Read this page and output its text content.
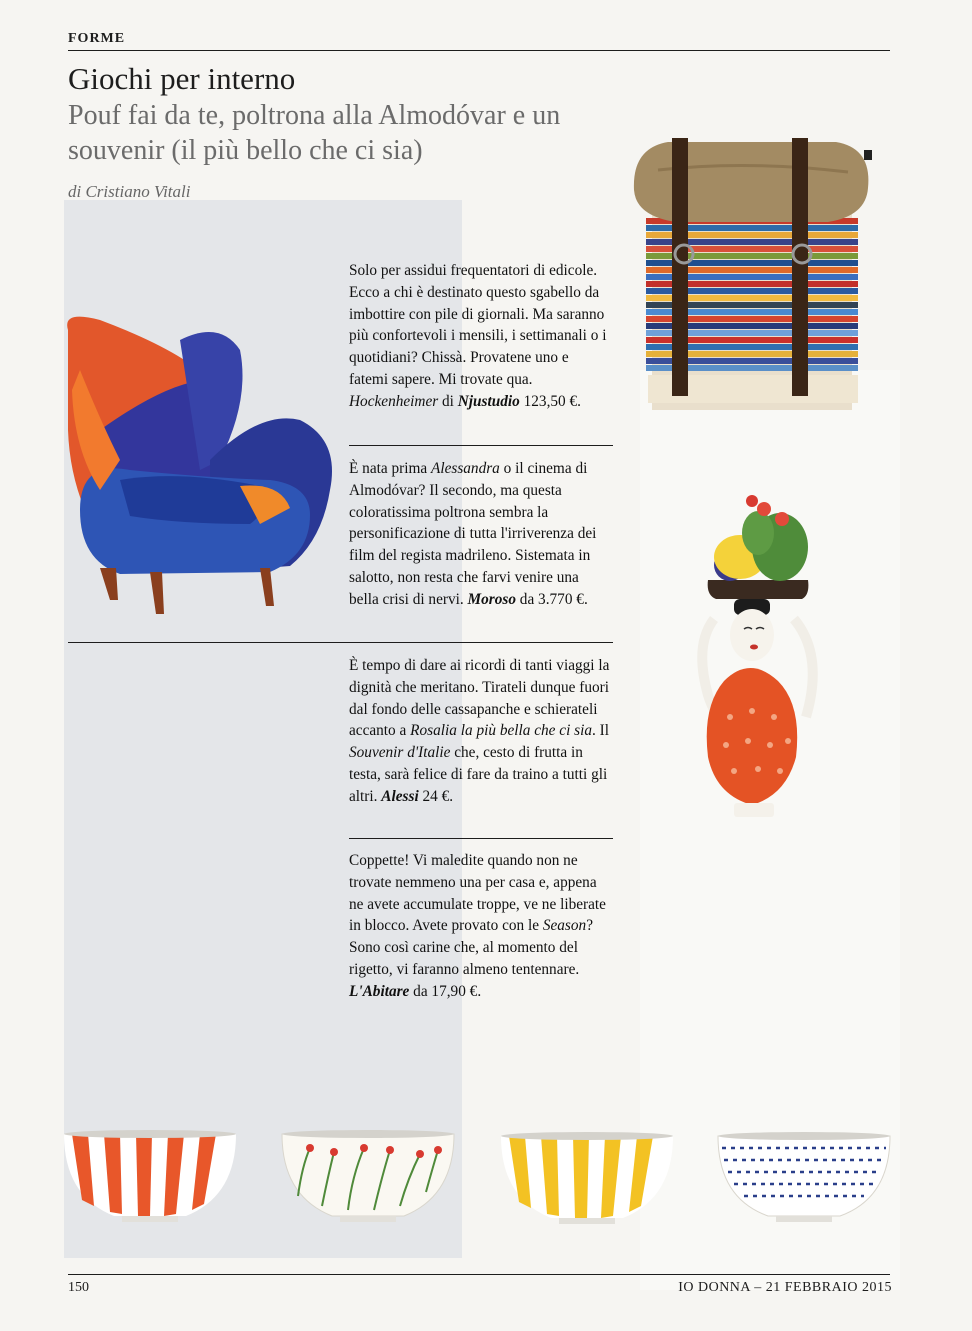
FORME
Giochi per interno
Pouf fai da te, poltrona alla Almodóvar e un souvenir (il più bello che ci sia)
di Cristiano Vitali

Solo per assidui frequentatori di edicole. Ecco a chi è destinato questo sgabello da imbottire con pile di giornali. Ma saranno più confortevoli i mensili, i settimanali o i quotidiani? Chissà. Provatene uno e fatemi sapere. Mi trovate qua. Hockenheimer di Njustudio 123,50 €.

È nata prima Alessandra o il cinema di Almodóvar? Il secondo, ma questa coloratissima poltrona sembra la personificazione di tutta l'irriverenza dei film del regista madrileno. Sistemata in salotto, non resta che farvi venire una bella crisi di nervi. Moroso da 3.770 €.

È tempo di dare ai ricordi di tanti viaggi la dignità che meritano. Tirateli dunque fuori dal fondo delle cassapanche e schierateli accanto a Rosalia la più bella che ci sia. Il Souvenir d'Italie che, cesto di frutta in testa, sarà felice di fare da traino a tutti gli altri. Alessi 24 €.

Coppette! Vi maledite quando non ne trovate nemmeno una per casa e, appena ne avete accumulate troppe, ve ne liberate in blocco. Avete provato con le Season? Sono così carine che, al momento del rigetto, vi faranno almeno tentennare. L'Abitare da 17,90 €.

150	IO DONNA – 21 FEBBRAIO 2015
